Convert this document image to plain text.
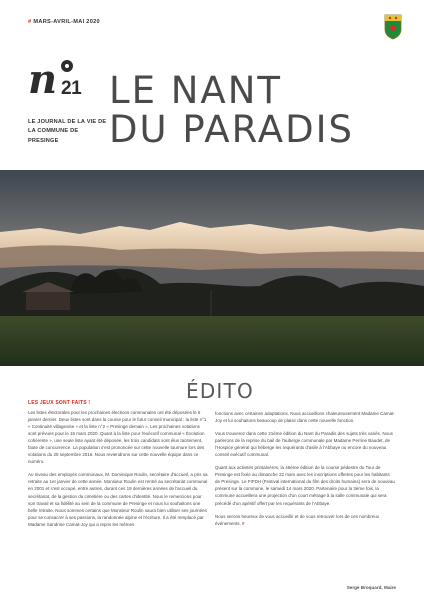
# MARS-AVRIL-MAI 2020
n 21
LE JOURNAL DE LA VIE DE LA COMMUNE DE PRESINGE
LE NANT
DU PARADIS
ÉDITO
LES JEUX SONT FAITS !

Les listes électorales pour les prochaines élections communales ont été déposées le 6 janvier dernier. Deux listes sont dans la course pour le futur conseil municipal : la liste n°1 « Continuité villageoise » et la liste n°2 « Presinge demain ». Les prochaines votations sont prévues pour le 15 mars 2020. Quant à la liste pour l'exécutif communal « Évolution cohérente », une seule liste ayant été déposée, les trois candidats sont élus tacitement, faute de concurrence. La population s'est prononcée sur cette nouvelle tournure lors des votations du 25 septembre 2016. Nous reviendrons sur cette nouvelle équipe dans ce numéro.

Au niveau des employés communaux, M. Dominique Roulin, secrétaire d'accueil, a pris sa retraite au 1er janvier de cette année. Monsieur Roulin est rentré au secrétariat communal en 2001 et s'est occupé, entre autres, durant ces 19 dernières années de l'accueil du secrétariat, de la gestion du cimetière ou des cartes d'identité. Nous le remercions pour son travail et sa fidélité au sein de la commune de Presinge et nous lui souhaitons une belle retraite. Nous sommes certains que Monsieur Roulin saura bien utiliser ses journées pour se consacrer à ses passions, la randonnée alpine et l'écriture. Il a été remplacé par Madame Sandrine Camat-Joy qui a repris les mêmes

fonctions avec certaines adaptations. Nous accueillons chaleureusement Madame Camat-Joy et lui souhaitons beaucoup de plaisir dans cette nouvelle fonction.

Vous trouverez dans cette 21ème édition du Nant du Paradis des sujets très variés. Nous parlerons de la reprise du bail de l'auberge communale par Madame Perrine Baudet, de l'Hospice général qui héberge les requérants d'asile à l'Abbaye ou encore du nouveau conseil exécutif communal.

Quant aux activités printanières, la 46ème édition de la course pédestre du Tour de Presinge est fixée au dimanche 22 mars avec les inscriptions offertes pour les habitants de Presinge. Le FIFDH (Festival international du film des droits humains) sera de nouveau présent sur la commune, le samedi 14 mars 2020. Partenaire pour la 3ème fois, la commune accueillera une projection d'un court métrage à la salle communale qui sera précédé d'un apéritif offert par les requérants de l'Abbaye.

Nous serons heureux de vous accueillir et de vous retrouver lors de ces nombreux événements. #

Serge Broquard, Maire
